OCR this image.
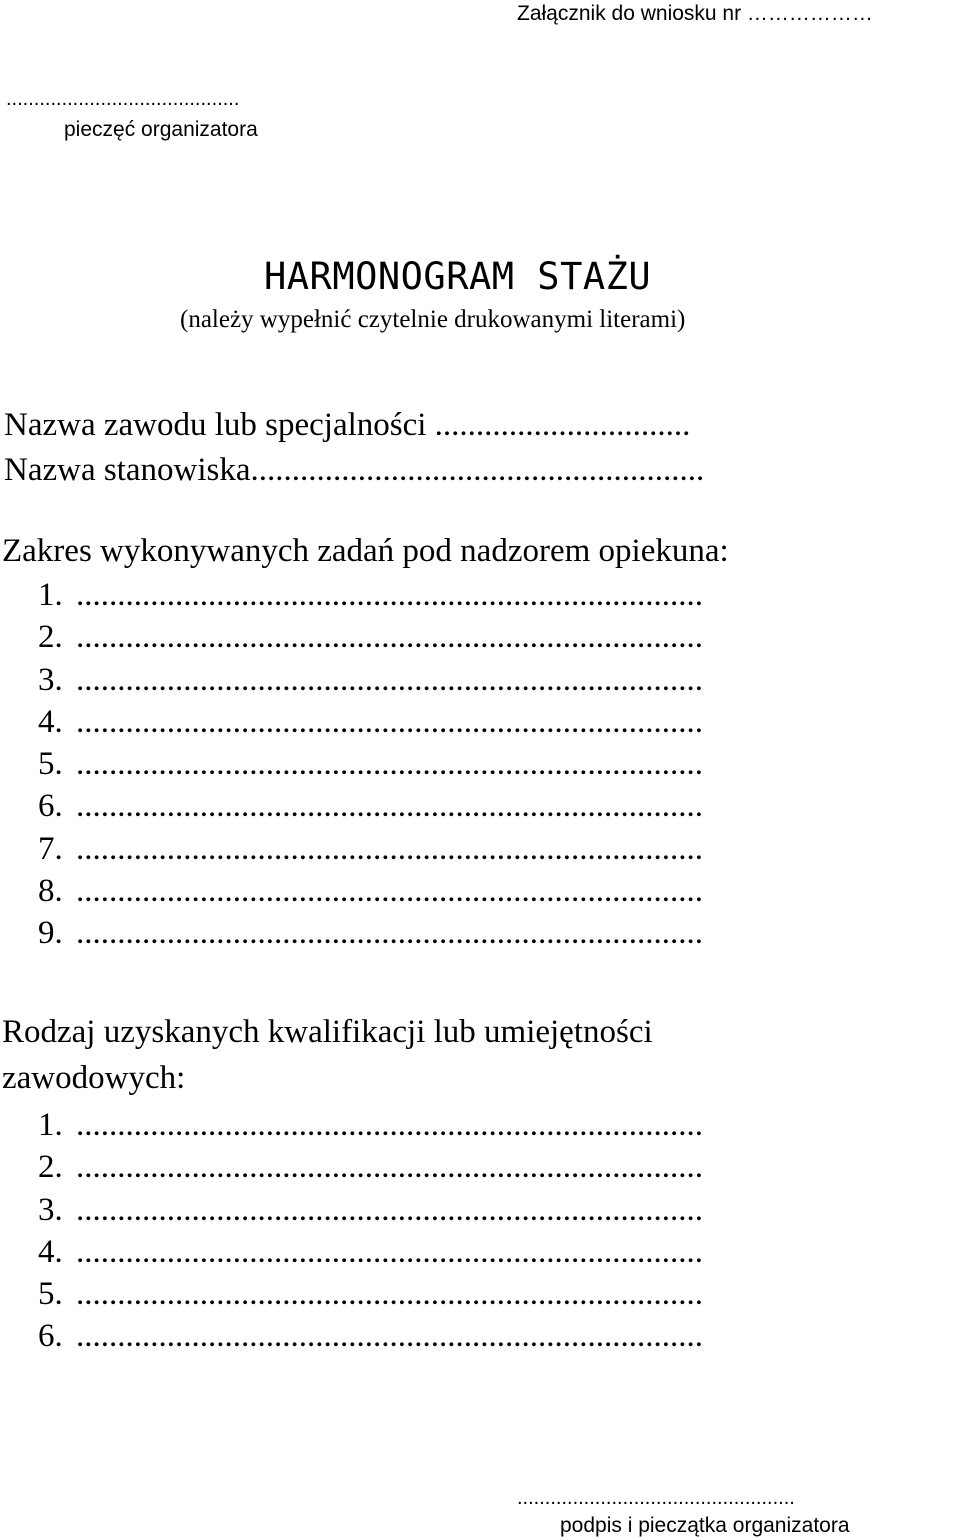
Załącznik do wniosku nr ………………

..........................................

pieczęć organizatora

HARMONOGRAM STAŻU

(należy wypełnić czytelnie drukowanymi literami)

Nazwa zawodu lub specjalności ...............................

Nazwa stanowiska.......................................................

Zakres wykonywanych zadań pod nadzorem opiekuna:

1. ............................................................................
2. ............................................................................
3. ............................................................................
4. ............................................................................
5. ............................................................................
6. ............................................................................
7. ............................................................................
8. ............................................................................
9. ............................................................................

Rodzaj uzyskanych kwalifikacji lub umiejętności

zawodowych:

1. ............................................................................
2. ............................................................................
3. ............................................................................
4. ............................................................................
5. ............................................................................
6. ............................................................................

..................................................

podpis i pieczątka organizatora
